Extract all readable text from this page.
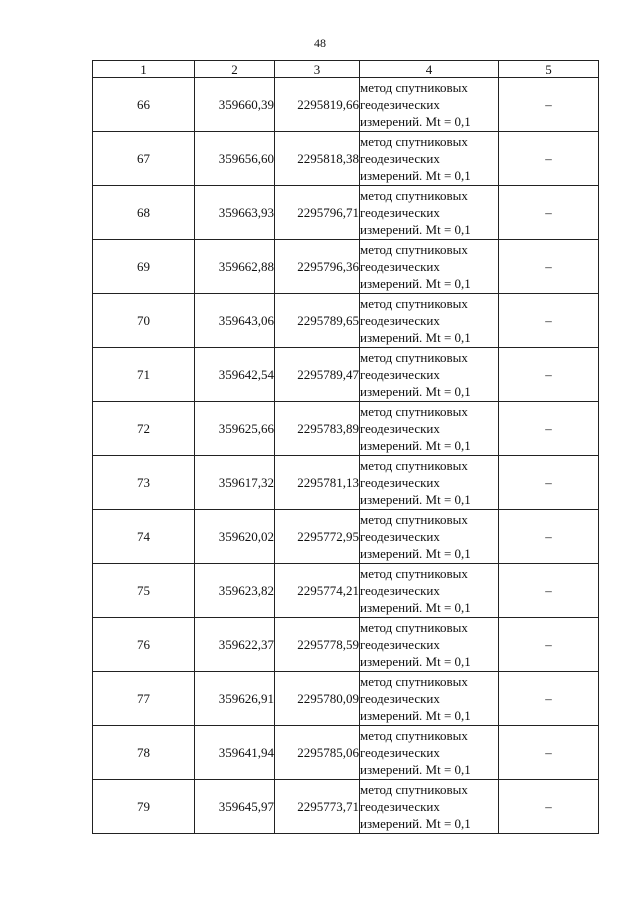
48
1	2	3	4	5
66	359660,39	2295819,66	метод спутниковых
геодезических
измерений. Mt = 0,1	–
67	359656,60	2295818,38	метод спутниковых
геодезических
измерений. Mt = 0,1	–
68	359663,93	2295796,71	метод спутниковых
геодезических
измерений. Mt = 0,1	–
69	359662,88	2295796,36	метод спутниковых
геодезических
измерений. Mt = 0,1	–
70	359643,06	2295789,65	метод спутниковых
геодезических
измерений. Mt = 0,1	–
71	359642,54	2295789,47	метод спутниковых
геодезических
измерений. Mt = 0,1	–
72	359625,66	2295783,89	метод спутниковых
геодезических
измерений. Mt = 0,1	–
73	359617,32	2295781,13	метод спутниковых
геодезических
измерений. Mt = 0,1	–
74	359620,02	2295772,95	метод спутниковых
геодезических
измерений. Mt = 0,1	–
75	359623,82	2295774,21	метод спутниковых
геодезических
измерений. Mt = 0,1	–
76	359622,37	2295778,59	метод спутниковых
геодезических
измерений. Mt = 0,1	–
77	359626,91	2295780,09	метод спутниковых
геодезических
измерений. Mt = 0,1	–
78	359641,94	2295785,06	метод спутниковых
геодезических
измерений. Mt = 0,1	–
79	359645,97	2295773,71	метод спутниковых
геодезических
измерений. Mt = 0,1	–
